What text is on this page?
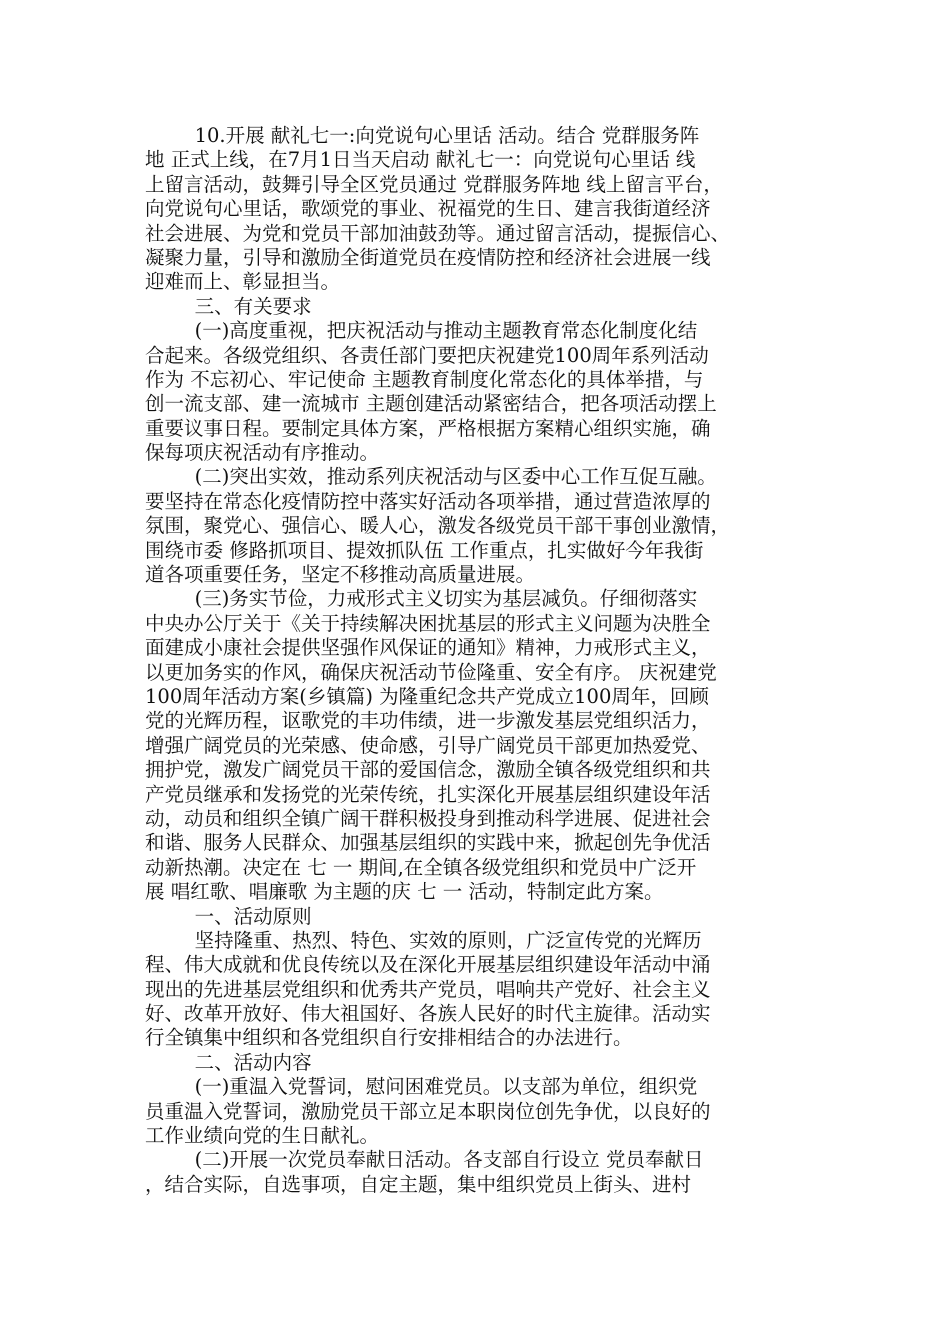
10.开展 献礼七一:向党说句心里话 活动。结合 党群服务阵
地 正式上线，在7月1日当天启动 献礼七一：向党说句心里话 线
上留言活动，鼓舞引导全区党员通过 党群服务阵地 线上留言平台，
向党说句心里话，歌颂党的事业、祝福党的生日、建言我街道经济
社会进展、为党和党员干部加油鼓劲等。通过留言活动，提振信心、
凝聚力量，引导和激励全街道党员在疫情防控和经济社会进展一线
迎难而上、彰显担当。
三、有关要求
(一)高度重视，把庆祝活动与推动主题教育常态化制度化结
合起来。各级党组织、各责任部门要把庆祝建党100周年系列活动
作为 不忘初心、牢记使命 主题教育制度化常态化的具体举措，与
创一流支部、建一流城市 主题创建活动紧密结合，把各项活动摆上
重要议事日程。要制定具体方案，严格根据方案精心组织实施，确
保每项庆祝活动有序推动。
(二)突出实效，推动系列庆祝活动与区委中心工作互促互融。
要坚持在常态化疫情防控中落实好活动各项举措，通过营造浓厚的
氛围，聚党心、强信心、暖人心，激发各级党员干部干事创业激情，
围绕市委 修路抓项目、提效抓队伍 工作重点，扎实做好今年我街
道各项重要任务，坚定不移推动高质量进展。
(三)务实节俭，力戒形式主义切实为基层减负。仔细彻落实
中央办公厅关于《关于持续解决困扰基层的形式主义问题为决胜全
面建成小康社会提供坚强作风保证的通知》精神，力戒形式主义，
以更加务实的作风，确保庆祝活动节俭隆重、安全有序。 庆祝建党
100周年活动方案(乡镇篇) 为隆重纪念共产党成立100周年，回顾
党的光辉历程，讴歌党的丰功伟绩，进一步激发基层党组织活力，
增强广阔党员的光荣感、使命感，引导广阔党员干部更加热爱党、
拥护党，激发广阔党员干部的爱国信念，激励全镇各级党组织和共
产党员继承和发扬党的光荣传统，扎实深化开展基层组织建设年活
动，动员和组织全镇广阔干群积极投身到推动科学进展、促进社会
和谐、服务人民群众、加强基层组织的实践中来，掀起创先争优活
动新热潮。决定在 七 一 期间,在全镇各级党组织和党员中广泛开
展 唱红歌、唱廉歌 为主题的庆 七 一 活动，特制定此方案。
一、活动原则
坚持隆重、热烈、特色、实效的原则，广泛宣传党的光辉历
程、伟大成就和优良传统以及在深化开展基层组织建设年活动中涌
现出的先进基层党组织和优秀共产党员，唱响共产党好、社会主义
好、改革开放好、伟大祖国好、各族人民好的时代主旋律。活动实
行全镇集中组织和各党组织自行安排相结合的办法进行。
二、活动内容
(一)重温入党誓词，慰问困难党员。以支部为单位，组织党
员重温入党誓词，激励党员干部立足本职岗位创先争优，以良好的
工作业绩向党的生日献礼。
(二)开展一次党员奉献日活动。各支部自行设立 党员奉献日
，结合实际，自选事项，自定主题，集中组织党员上街头、进村
